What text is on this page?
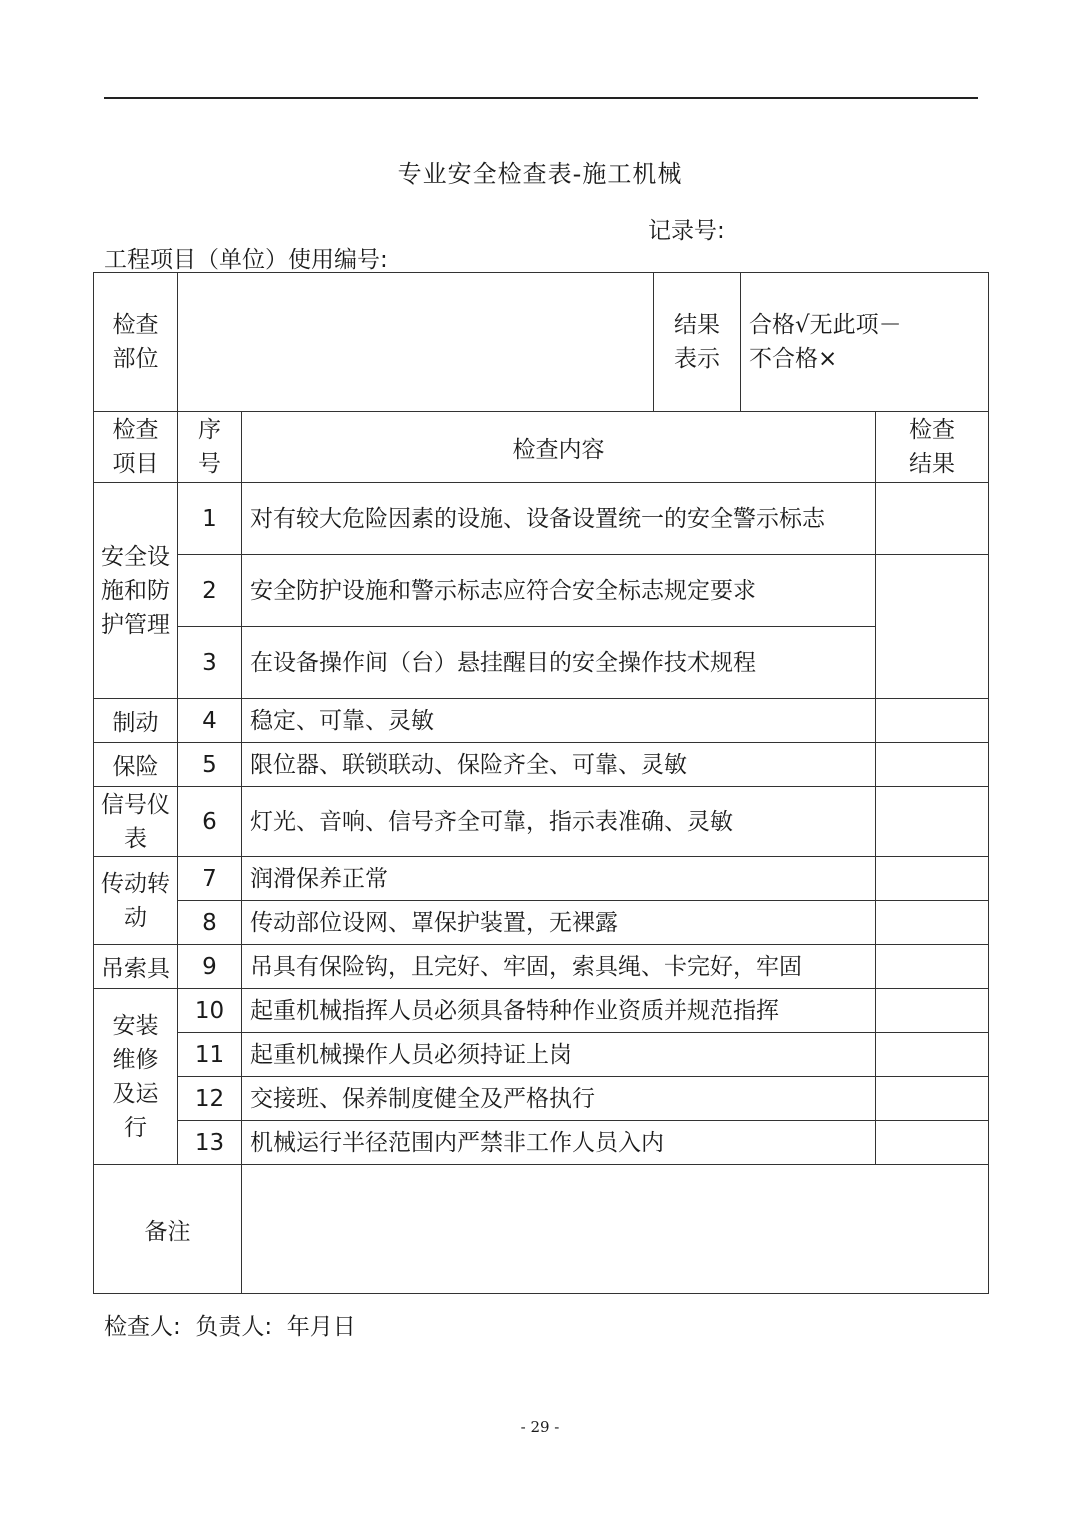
专业安全检查表-施工机械
记录号:
工程项目（单位）使用编号:
检查部位			结果表示	合格√无此项－
不合格×	

检查项目	序号	检查内容			检查结果

安全设施和防护管理	1	对有较大危险因素的设施、设备设置统一的安全警示标志			
	2	安全防护设施和警示标志应符合安全标志规定要求			
	3	在设备操作间（台）悬挂醒目的安全操作技术规程			
制动	4	稳定、可靠、灵敏			
保险	5	限位器、联锁联动、保险齐全、可靠、灵敏			

信号仪表	6	灯光、音响、信号齐全可靠，指示表准确、灵敏			

传动转动	7	润滑保养正常			
	8	传动部位设网、罩保护装置，无裸露			
吊索具	9	吊具有保险钩，且完好、牢固，索具绳、卡完好，牢固			

安装维修及运行	10	起重机械指挥人员必须具备特种作业资质并规范指挥			
	11	起重机械操作人员必须持证上岗			
	12	交接班、保养制度健全及严格执行			
	13	机械运行半径范围内严禁非工作人员入内			
备注					
检查人:  负责人:  年月日
- 29 -
